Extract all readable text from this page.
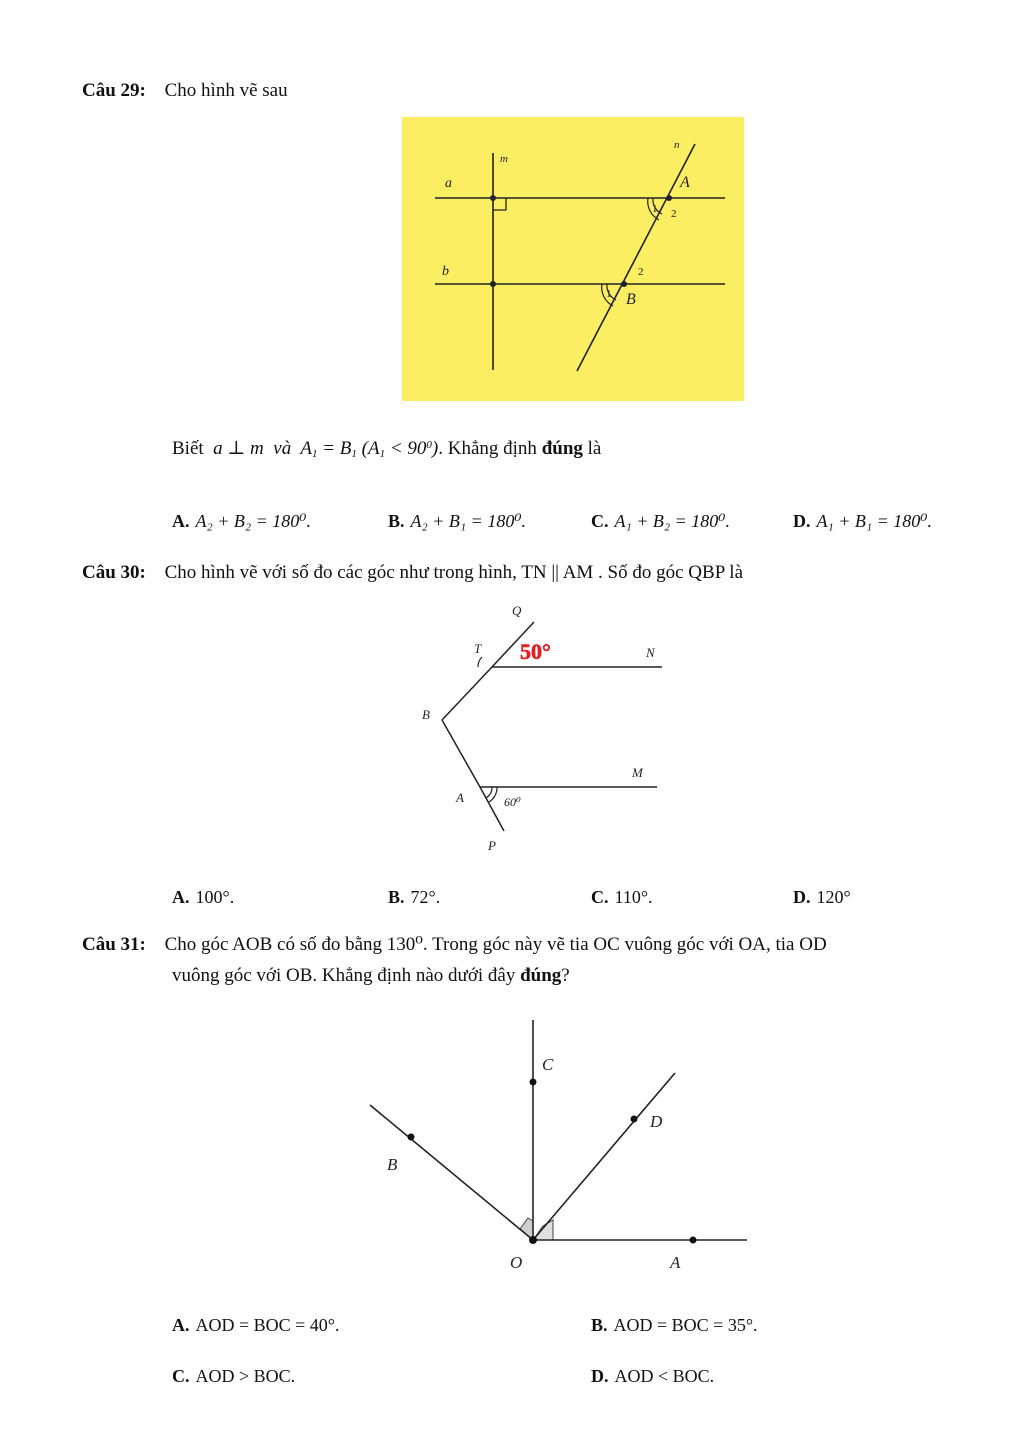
Câu 29: Cho hình vẽ sau
m
n
a
b
A
B
1 2
1
2
Biết  a ⊥ m  và  $A_1 = B_1$ $(A_1 < 90^0)$. Khẳng định đúng là
A. A₂ + B₂ = 180⁰.	B. A₂ + B₁ = 180⁰.	C. A₁ + B₂ = 180⁰.	D. A₁ + B₁ = 180⁰.
Câu 30: Cho hình vẽ với số đo các góc như trong hình, TN || AM . Số đo góc QBP là
Q
T	N
B
M
A
P
50°
60⁰
A. 100°.	B. 72°.	C. 110°.	D. 120°
Câu 31: Cho góc AOB có số đo bằng 130⁰. Trong góc này vẽ tia OC vuông góc với OA, tia OD
vuông góc với OB. Khẳng định nào dưới đây đúng?
C
D
B
O	A
A. AOD = BOC = 40°.	B. AOD = BOC = 35°.
C. AOD > BOC.	D. AOD < BOC.
